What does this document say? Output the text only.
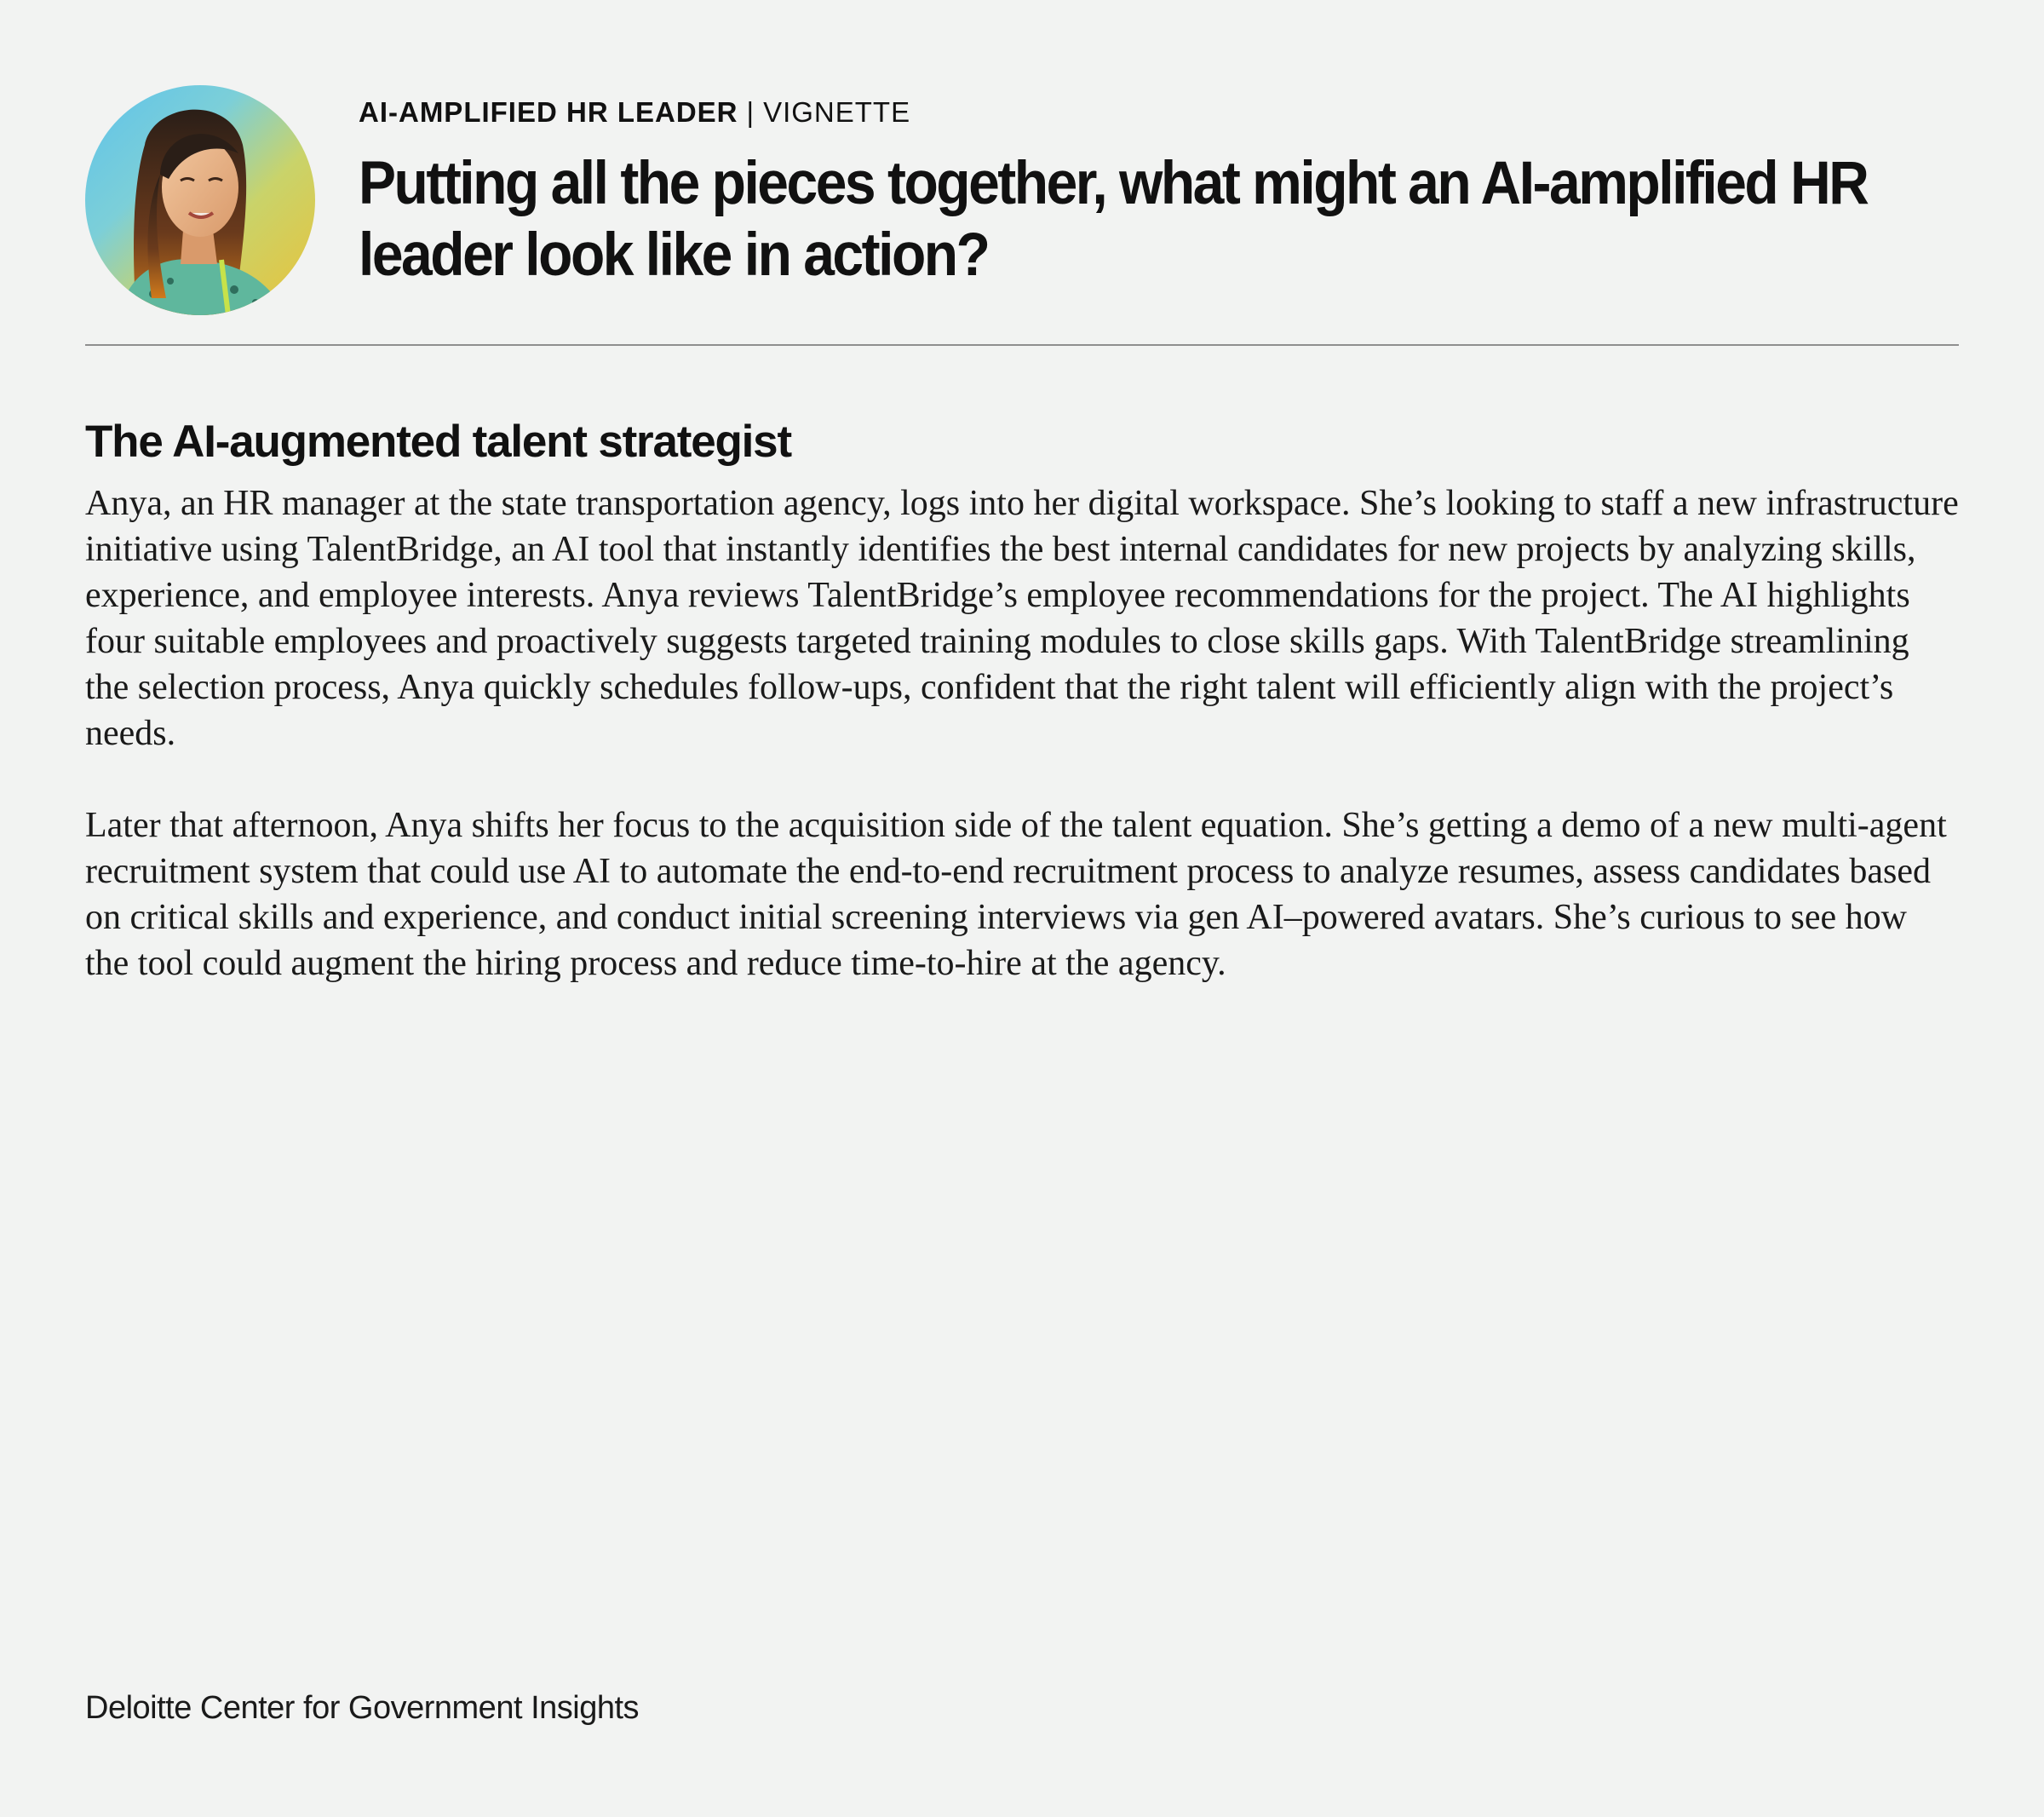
AI-AMPLIFIED HR LEADER | VIGNETTE

Putting all the pieces together, what might an AI-amplified HR leader look like in action?
The AI-augmented talent strategist

Anya, an HR manager at the state transportation agency, logs into her digital workspace. She’s looking to staff a new infrastructure initiative using TalentBridge, an AI tool that instantly identifies the best internal candidates for new projects by analyzing skills, experience, and employee interests. Anya reviews TalentBridge’s employee recommendations for the project. The AI highlights four suitable employees and proactively suggests targeted training modules to close skills gaps. With TalentBridge streamlining the selection process, Anya quickly schedules follow-ups, confident that the right talent will efficiently align with the project’s needs.

Later that afternoon, Anya shifts her focus to the acquisition side of the talent equation. She’s getting a demo of a new multi-agent recruitment system that could use AI to automate the end-to-end recruitment process to analyze resumes, assess candidates based on critical skills and experience, and conduct initial screening interviews via gen AI–powered avatars. She’s curious to see how the tool could augment the hiring process and reduce time-to-hire at the agency.

Deloitte Center for Government Insights
